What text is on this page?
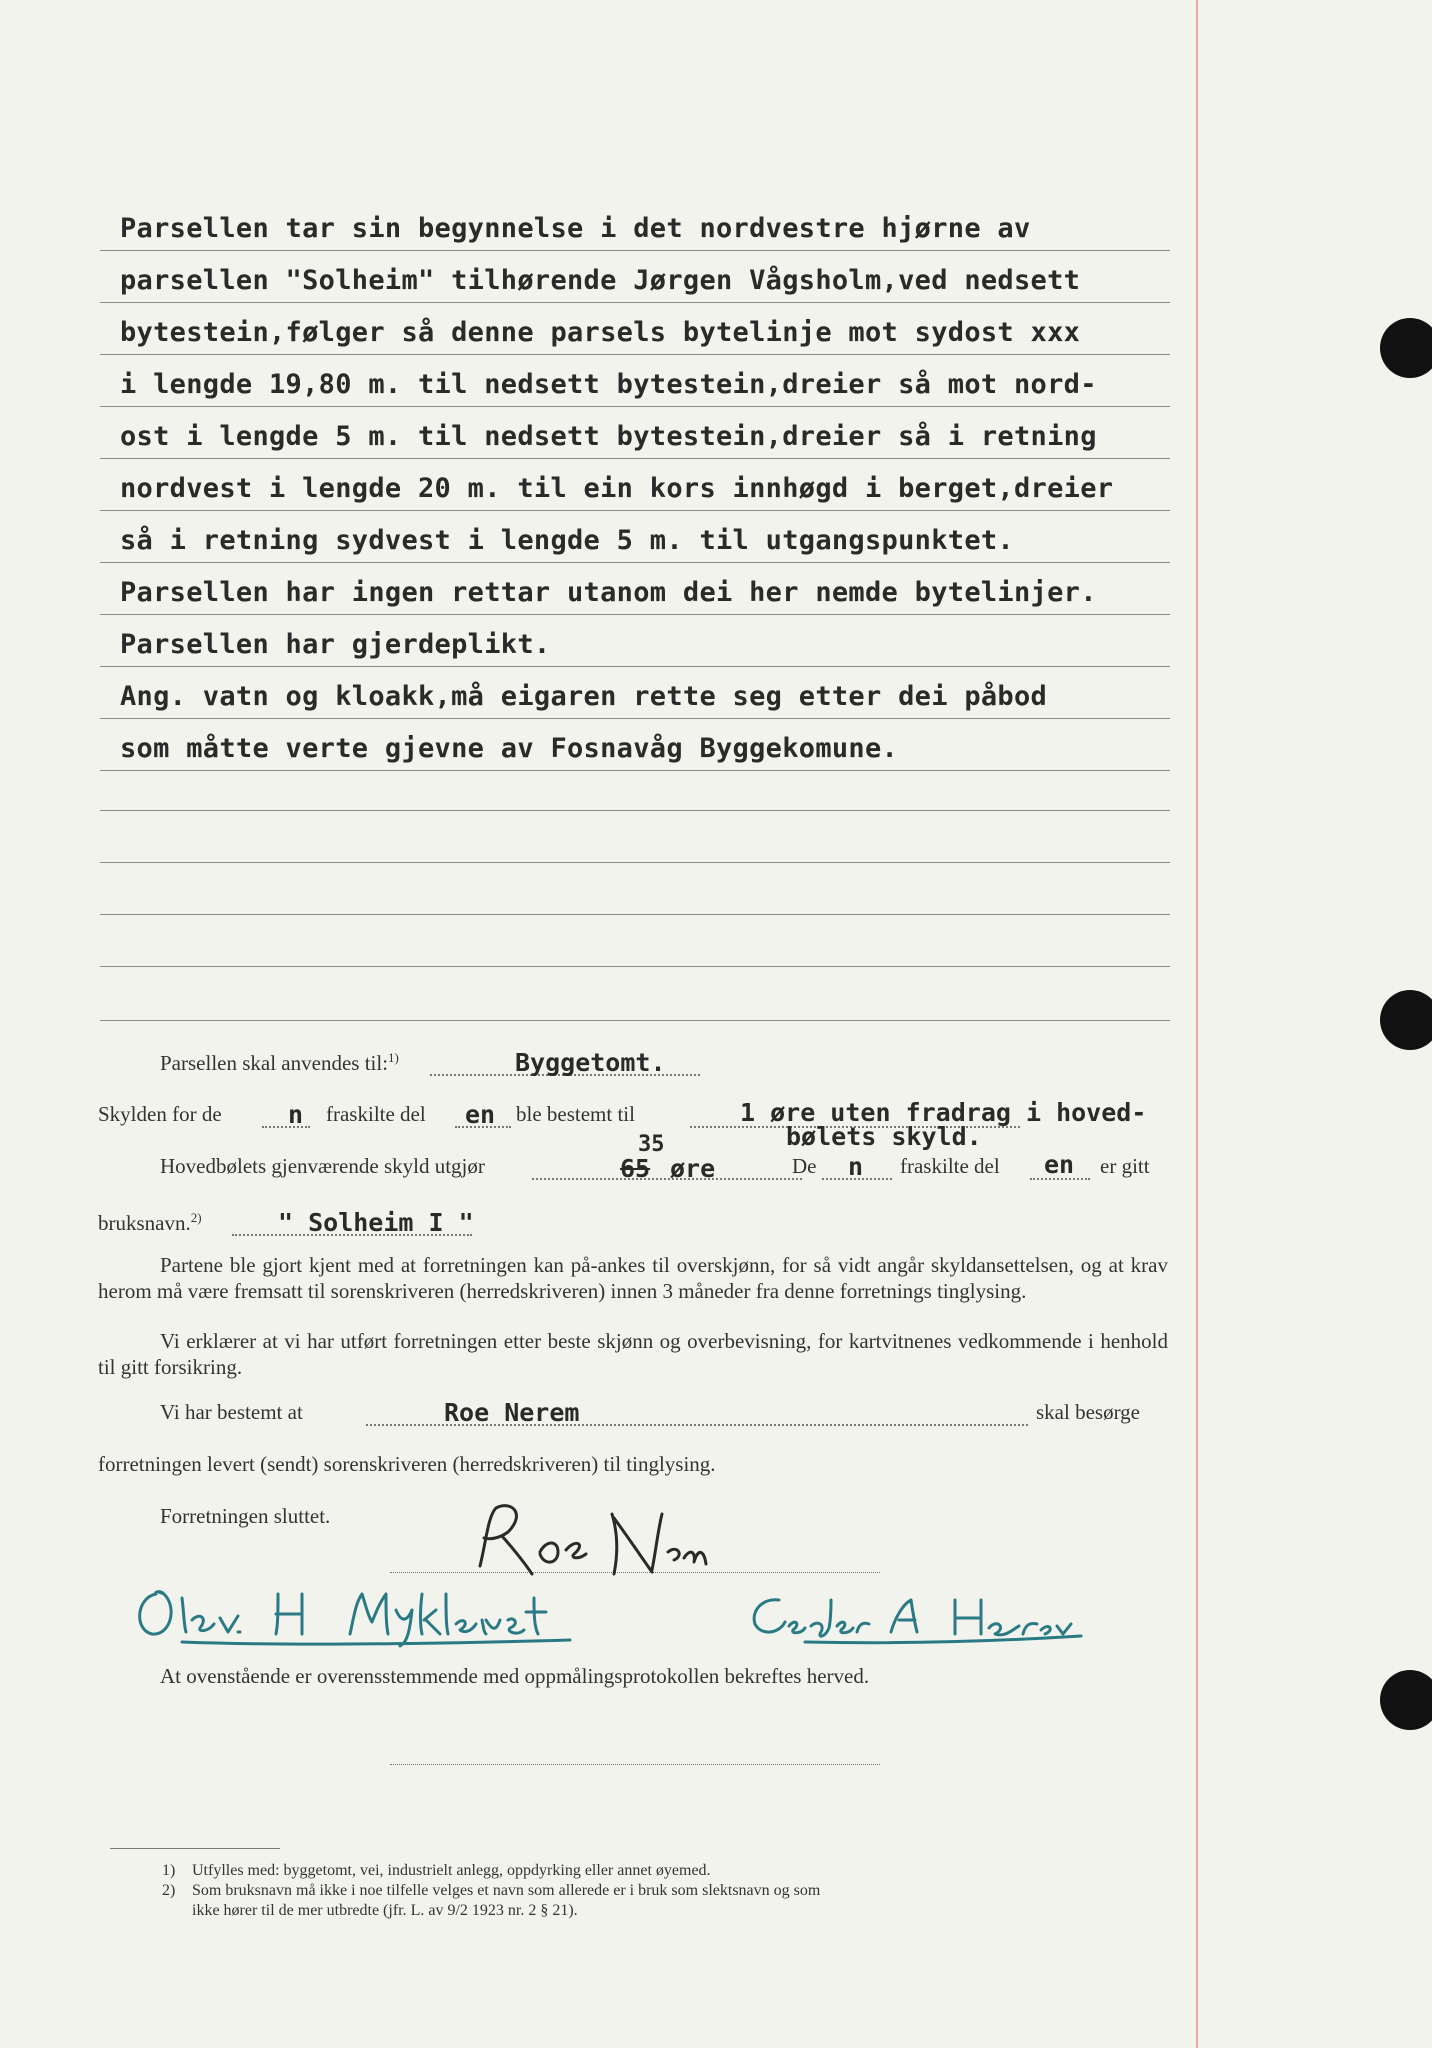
Parsellen tar sin begynnelse i det nordvestre hjørne av
parsellen "Solheim" tilhørende Jørgen Vågsholm,ved nedsett
bytestein,følger så denne parsels bytelinje mot sydost xxx
i lengde 19,80 m. til nedsett bytestein,dreier så mot nord-
ost i lengde 5 m. til nedsett bytestein,dreier så i retning
nordvest i lengde 20 m. til ein kors innhøgd i berget,dreier
så i retning sydvest i lengde 5 m. til utgangspunktet.
Parsellen har ingen rettar utanom dei her nemde bytelinjer.
Parsellen har gjerdeplikt.
Ang. vatn og kloakk,må eigaren rette seg etter dei påbod
som måtte verte gjevne av Fosnavåg Byggekomune.
Parsellen skal anvendes til:$^{1)}$	Byggetomt.
Skylden for de	n fraskilte del en ble bestemt til	1 øre uten fradrag i hoved-
bølets skyld.
Hovedbølets gjenværende skyld utgjør	65
35
øre	De n fraskilte del en er gitt
bruksnavn.$^{2)}$	" Solheim I "
Partene ble gjort kjent med at forretningen kan på-ankes til overskjønn, for så vidt angår skyldansettelsen, og at krav herom må være fremsatt til sorenskriveren (herredskriveren) innen 3 måneder fra denne forretnings tinglysing.
Vi erklærer at vi har utført forretningen etter beste skjønn og overbevisning, for kartvitnenes vedkommende i henhold til gitt forsikring.
Vi har bestemt at	Roe Nerem	skal besørge
forretningen levert (sendt) sorenskriveren (herredskriveren) til tinglysing.
Forretningen sluttet.
At ovenstående er overensstemmende med oppmålingsprotokollen bekreftes herved.
1) Utfylles med: byggetomt, vei, industrielt anlegg, oppdyrking eller annet øyemed.
2) Som bruksnavn må ikke i noe tilfelle velges et navn som allerede er i bruk som slektsnavn og som
ikke hører til de mer utbredte (jfr. L. av 9/2 1923 nr. 2 § 21).
